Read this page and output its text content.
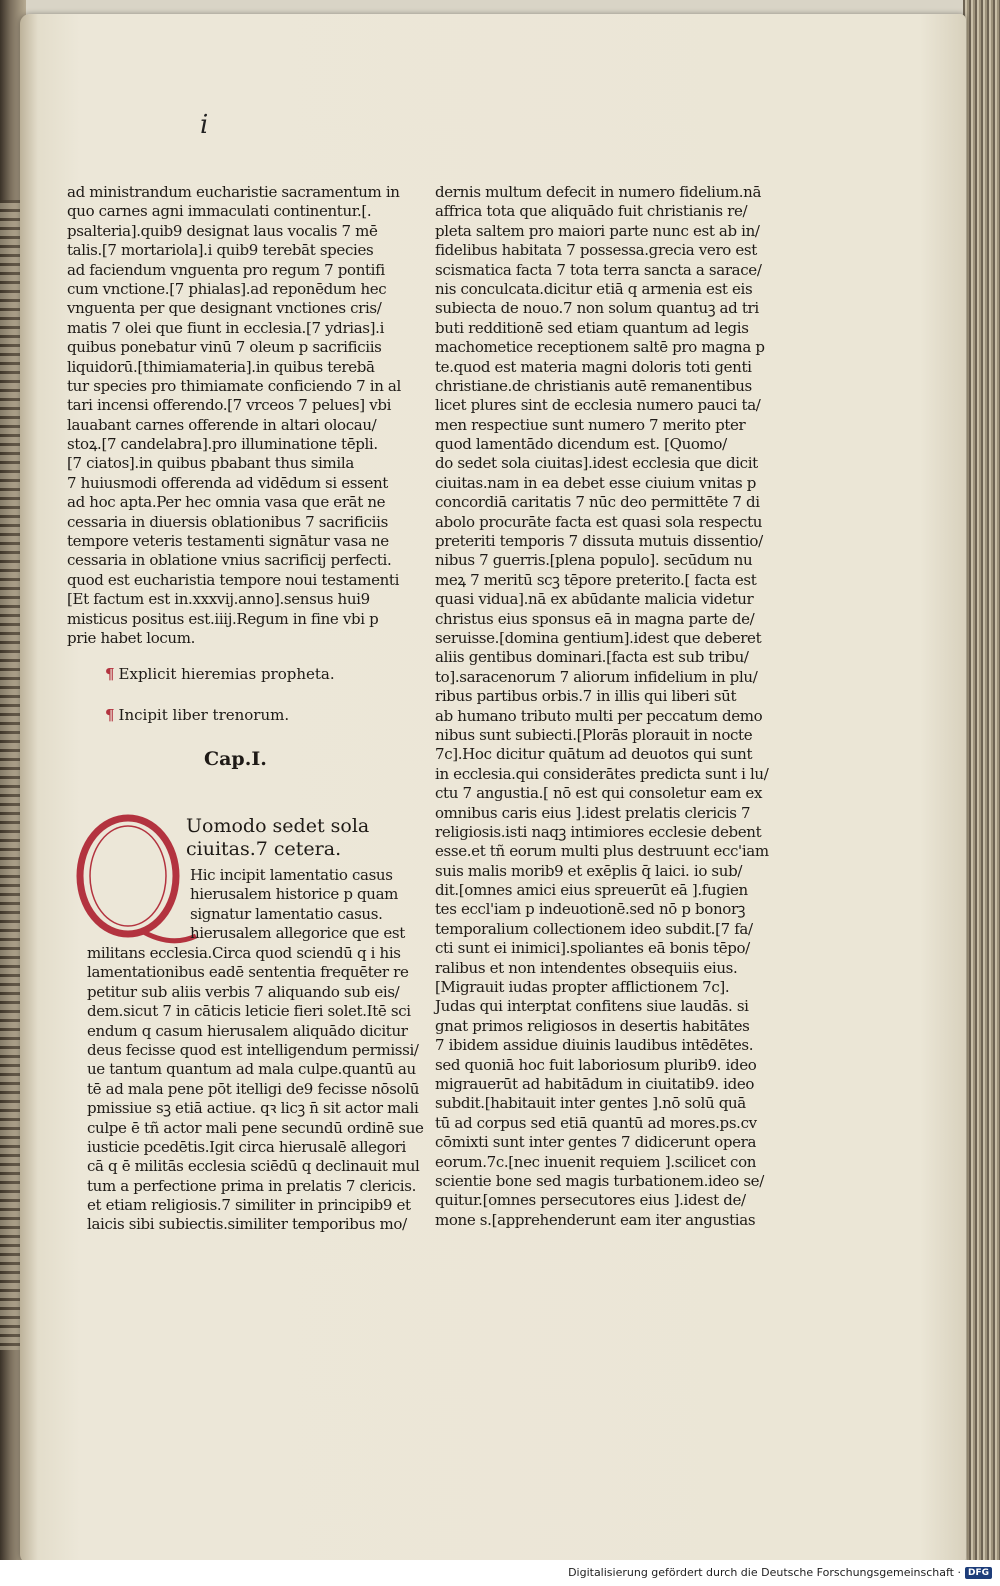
i
ad ministrandum eucharistie sacramentum in
quo carnes agni immaculati continentur.[.
psalteria].quib9 designat laus vocalis 7 mē
talis.[7 mortariola].i quib9 terebāt species
ad faciendum vnguenta pro regum 7 pontifi
cum vnctione.[7 phialas].ad reponēdum hec
vnguenta per que designant vnctiones cris/
matis 7 olei que fiunt in ecclesia.[7 ydrias].i
quibus ponebatur vinū 7 oleum p sacrificiis
liquidorū.[thimiamateria].in quibus terebā
tur species pro thimiamate conficiendo 7 in al
tari incensi offerendo.[7 vrceos 7 pelues] vbi
lauabant carnes offerende in altari olocau/
stoꝝ.[7 candelabra].pro illuminatione tēpli.
[7 ciatos].in quibus pbabant thus simila
7 huiusmodi offerenda ad vidēdum si essent
ad hoc apta.Per hec omnia vasa que erāt ne
cessaria in diuersis oblationibus 7 sacrificiis
tempore veteris testamenti signātur vasa ne
cessaria in oblatione vnius sacrificij perfecti.
quod est eucharistia tempore noui testamenti
[Et factum est in.xxxvij.anno].sensus hui9
misticus positus est.iiij.Regum in fine vbi p
prie habet locum.
¶ Explicit hieremias propheta.
¶ Incipit liber trenorum.
Cap.I.
Q
Uomodo sedet sola
ciuitas.7 cetera.
Hic incipit lamentatio casus
hierusalem historice p quam
signatur lamentatio casus.
hierusalem allegorice que est
militans ecclesia.Circa quod sciendū q i his
lamentationibus eadē sententia frequēter re
petitur sub aliis verbis 7 aliquando sub eis/
dem.sicut 7 in cāticis leticie fieri solet.Itē sci
endum q casum hierusalem aliquādo dicitur
deus fecisse quod est intelligendum permissi/
ue tantum quantum ad mala culpe.quantū au
tē ad mala pene pōt itelligi de9 fecisse nōsolū
pmissiue sꝫ etiā actiue. qꝛ licꝫ n̄ sit actor mali
culpe ē tñ actor mali pene secundū ordinē sue
iusticie pcedētis.Igit circa hierusalē allegori
cā q ē militās ecclesia sciēdū q declinauit mul
tum a perfectione prima in prelatis 7 clericis.
et etiam religiosis.7 similiter in principib9 et
laicis sibi subiectis.similiter temporibus mo/
dernis multum defecit in numero fidelium.nā
affrica tota que aliquādo fuit christianis re/
pleta saltem pro maiori parte nunc est ab in/
fidelibus habitata 7 possessa.grecia vero est
scismatica facta 7 tota terra sancta a sarace/
nis conculcata.dicitur etiā q armenia est eis
subiecta de nouo.7 non solum quantuꝫ ad tri
buti redditionē sed etiam quantum ad legis
machometice receptionem saltē pro magna p
te.quod est materia magni doloris toti genti
christiane.de christianis autē remanentibus
licet plures sint de ecclesia numero pauci ta/
men respectiue sunt numero 7 merito pter
quod lamentādo dicendum est. [Quomo/
do sedet sola ciuitas].idest ecclesia que dicit
ciuitas.nam in ea debet esse ciuium vnitas p
concordiā caritatis 7 nūc deo permittēte 7 di
abolo procurāte facta est quasi sola respectu
preteriti temporis 7 dissuta mutuis dissentio/
nibus 7 guerris.[plena populo]. secūdum nu
meꝝ 7 meritū scꝫ tēpore preterito.[ facta est
quasi vidua].nā ex abūdante malicia videtur
christus eius sponsus eā in magna parte de/
seruisse.[domina gentium].idest que deberet
aliis gentibus dominari.[facta est sub tribu/
to].saracenorum 7 aliorum infidelium in plu/
ribus partibus orbis.7 in illis qui liberi sūt
ab humano tributo multi per peccatum demo
nibus sunt subiecti.[Plorās plorauit in nocte
7c].Hoc dicitur quātum ad deuotos qui sunt
in ecclesia.qui considerātes predicta sunt i lu/
ctu 7 angustia.[ nō est qui consoletur eam ex
omnibus caris eius ].idest prelatis clericis 7
religiosis.isti naqꝫ intimiores ecclesie debent
esse.et tñ eorum multi plus destruunt ecc'iam
suis malis morib9 et exēplis q̄ laici. io sub/
dit.[omnes amici eius spreuerūt eā ].fugien
tes eccl'iam p indeuotionē.sed nō p bonorꝫ
temporalium collectionem ideo subdit.[7 fa/
cti sunt ei inimici].spoliantes eā bonis tēpo/
ralibus et non intendentes obsequiis eius.
[Migrauit iudas propter afflictionem 7c].
Judas qui interptat confitens siue laudās. si
gnat primos religiosos in desertis habitātes
7 ibidem assidue diuinis laudibus intēdētes.
sed quoniā hoc fuit laboriosum plurib9. ideo
migrauerūt ad habitādum in ciuitatib9. ideo
subdit.[habitauit inter gentes ].nō solū quā
tū ad corpus sed etiā quantū ad mores.ps.cv
cōmixti sunt inter gentes 7 didicerunt opera
eorum.7c.[nec inuenit requiem ].scilicet con
scientie bone sed magis turbationem.ideo se/
quitur.[omnes persecutores eius ].idest de/
mone s.[apprehenderunt eam iter angustias
Digitalisierung gefördert durch die Deutsche Forschungsgemeinschaft · DFG
